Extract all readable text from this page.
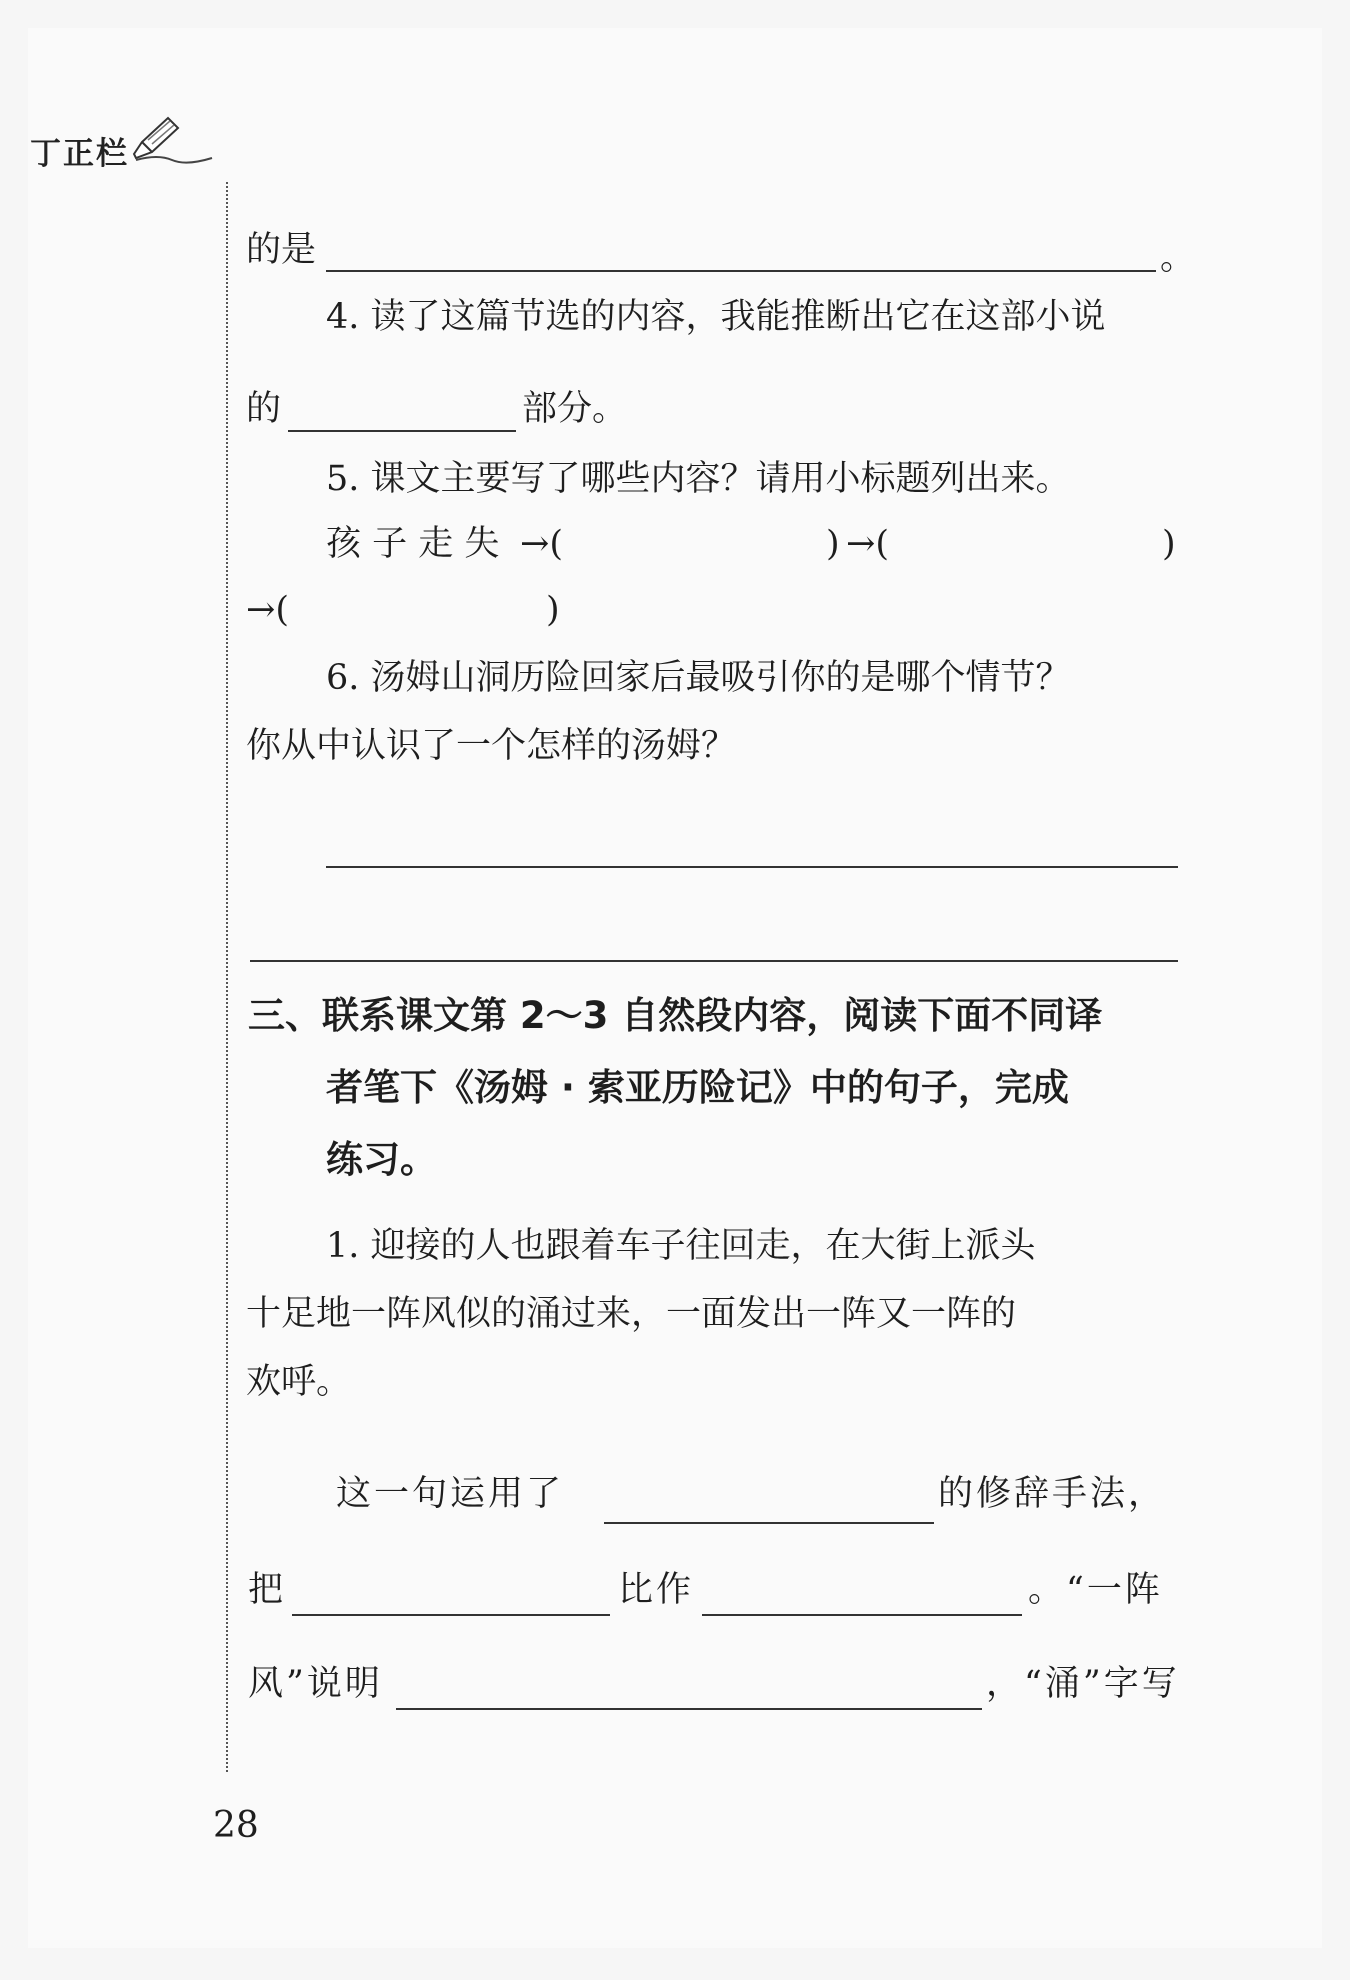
丁正栏
的是	。
4. 读了这篇节选的内容，我能推断出它在这部小说
的	部分。
5. 课文主要写了哪些内容？请用小标题列出来。
孩 子 走 失 →(	) →(	)
→(	)
6. 汤姆山洞历险回家后最吸引你的是哪个情节？
你从中认识了一个怎样的汤姆？
三、联系课文第 2～3 自然段内容，阅读下面不同译
者笔下《汤姆 · 索亚历险记》中的句子，完成
练习。
1. 迎接的人也跟着车子往回走，在大街上派头
十足地一阵风似的涌过来，一面发出一阵又一阵的
欢呼。
这一句运用了	的修辞手法，
把	比作	。“一阵
风”说明	，“涌”字写
28
